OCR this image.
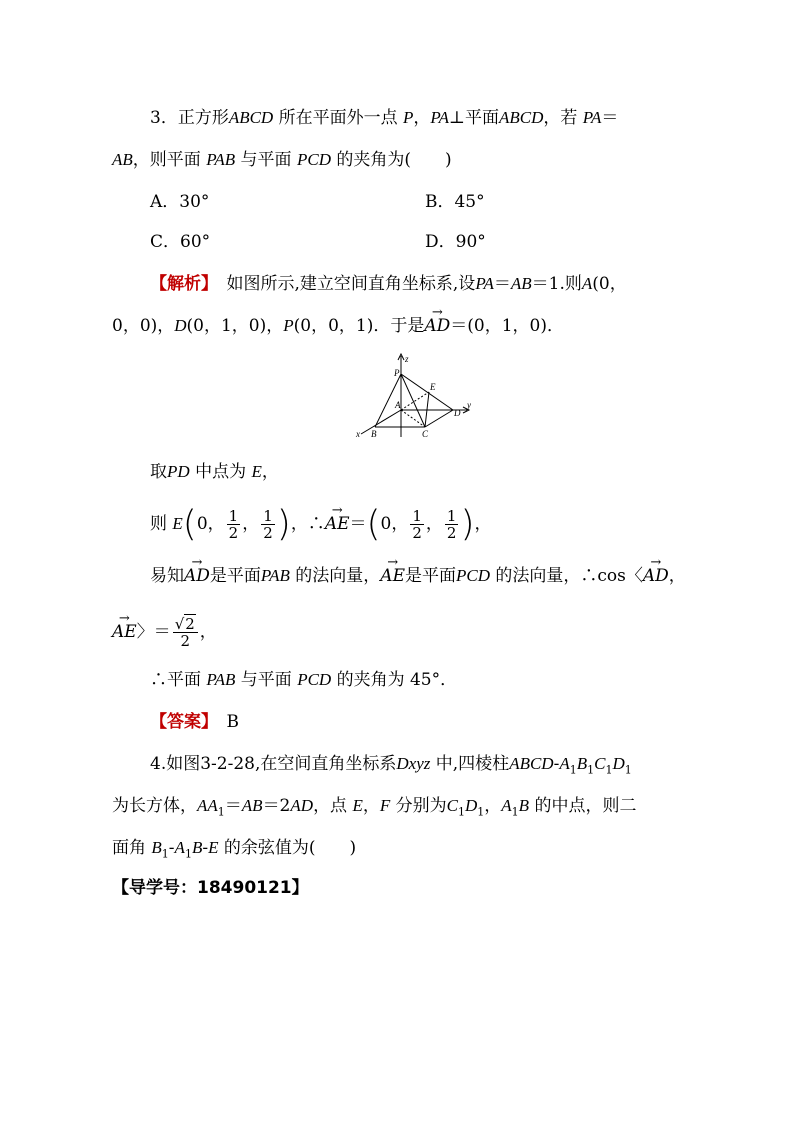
3．正方形ABCD 所在平面外一点 P，PA⊥平面ABCD，若 PA＝
AB，则平面 PAB 与平面 PCD 的夹角为(　　)
A．30°	B．45°
C．60°	D．90°
【解析】　如图所示,建立空间直角坐标系,设PA＝AB＝1.则A(0，
0，0)，D(0，1，0)，P(0，0，1)．于是→ AD＝(0，1，0)．
z
y
x
P
E
A
D
B	C
取PD 中点为 E，
则 E(0， $\frac{1}{2}$ ， $\frac{1}{2}$ )，∴→ AE＝(0， $\frac{1}{2}$ ， $\frac{1}{2}$ )，
易知→ AD是平面PAB 的法向量，→ AE是平面PCD 的法向量，∴cos〈→ AD，
→ AE〉＝ $\frac{√2}{2}$ ，
∴平面 PAB 与平面 PCD 的夹角为 45°．
【答案】　 B
4.如图3-2-28,在空间直角坐标系Dxyz 中,四棱柱ABCD-$A_1B_1C_1D_1$
为长方体，$AA_1=AB=2AD$，点 E，F 分别为$C_1D_1$，$A_1B$ 的中点，则二
面角 $B_1-A_1B-E$ 的余弦值为(　　)
【导学号：18490121】
